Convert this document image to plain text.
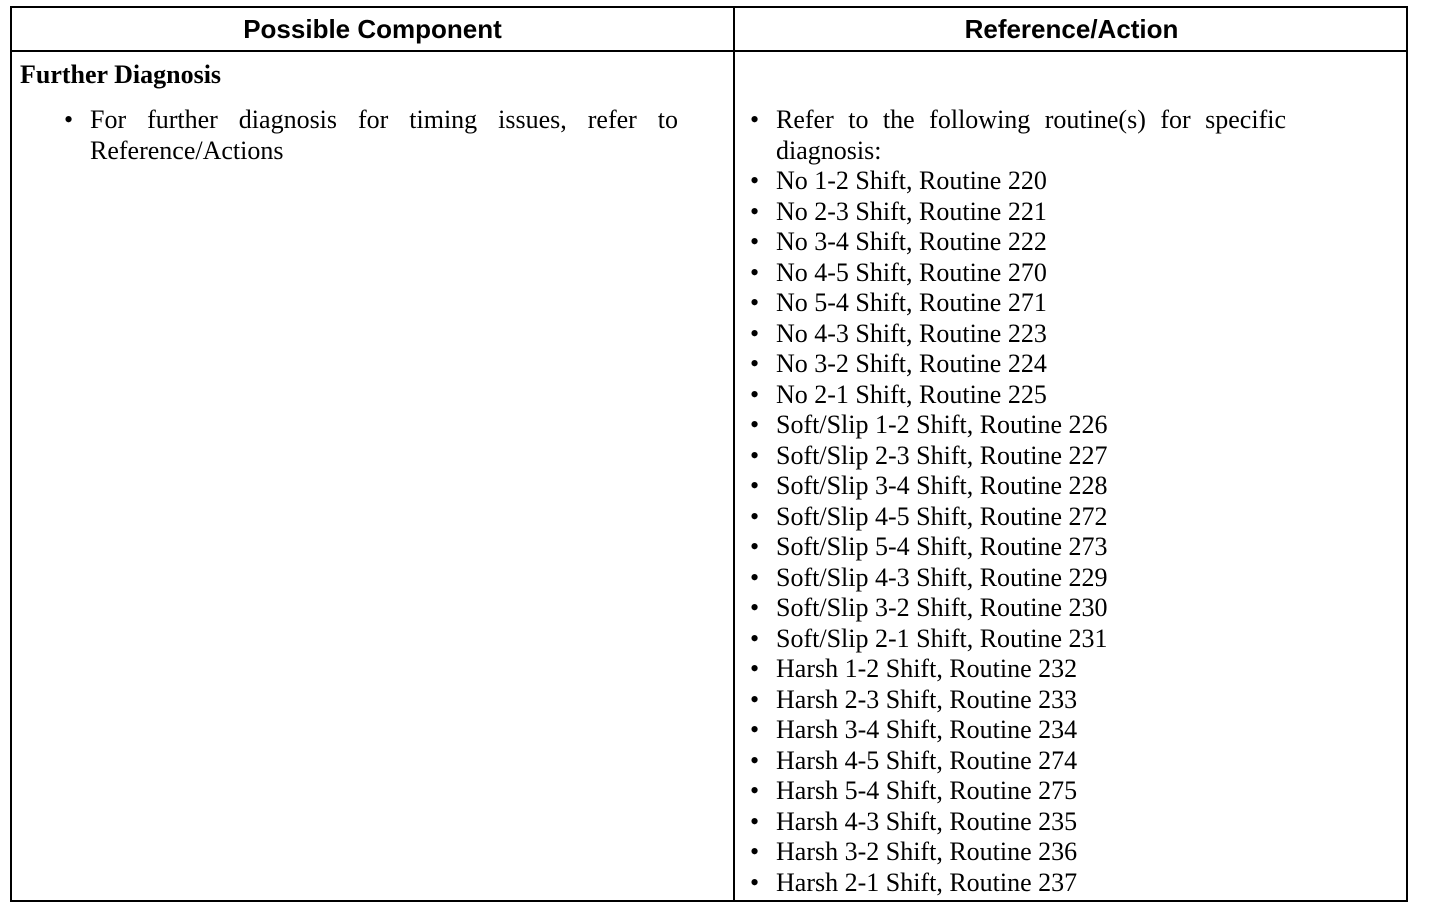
Possible Component	Reference/Action
Further Diagnosis
• For further diagnosis for timing issues, refer to Reference/Actions
• Refer to the following routine(s) for specific diagnosis:
• No 1-2 Shift, Routine 220
• No 2-3 Shift, Routine 221
• No 3-4 Shift, Routine 222
• No 4-5 Shift, Routine 270
• No 5-4 Shift, Routine 271
• No 4-3 Shift, Routine 223
• No 3-2 Shift, Routine 224
• No 2-1 Shift, Routine 225
• Soft/Slip 1-2 Shift, Routine 226
• Soft/Slip 2-3 Shift, Routine 227
• Soft/Slip 3-4 Shift, Routine 228
• Soft/Slip 4-5 Shift, Routine 272
• Soft/Slip 5-4 Shift, Routine 273
• Soft/Slip 4-3 Shift, Routine 229
• Soft/Slip 3-2 Shift, Routine 230
• Soft/Slip 2-1 Shift, Routine 231
• Harsh 1-2 Shift, Routine 232
• Harsh 2-3 Shift, Routine 233
• Harsh 3-4 Shift, Routine 234
• Harsh 4-5 Shift, Routine 274
• Harsh 5-4 Shift, Routine 275
• Harsh 4-3 Shift, Routine 235
• Harsh 3-2 Shift, Routine 236
• Harsh 2-1 Shift, Routine 237
